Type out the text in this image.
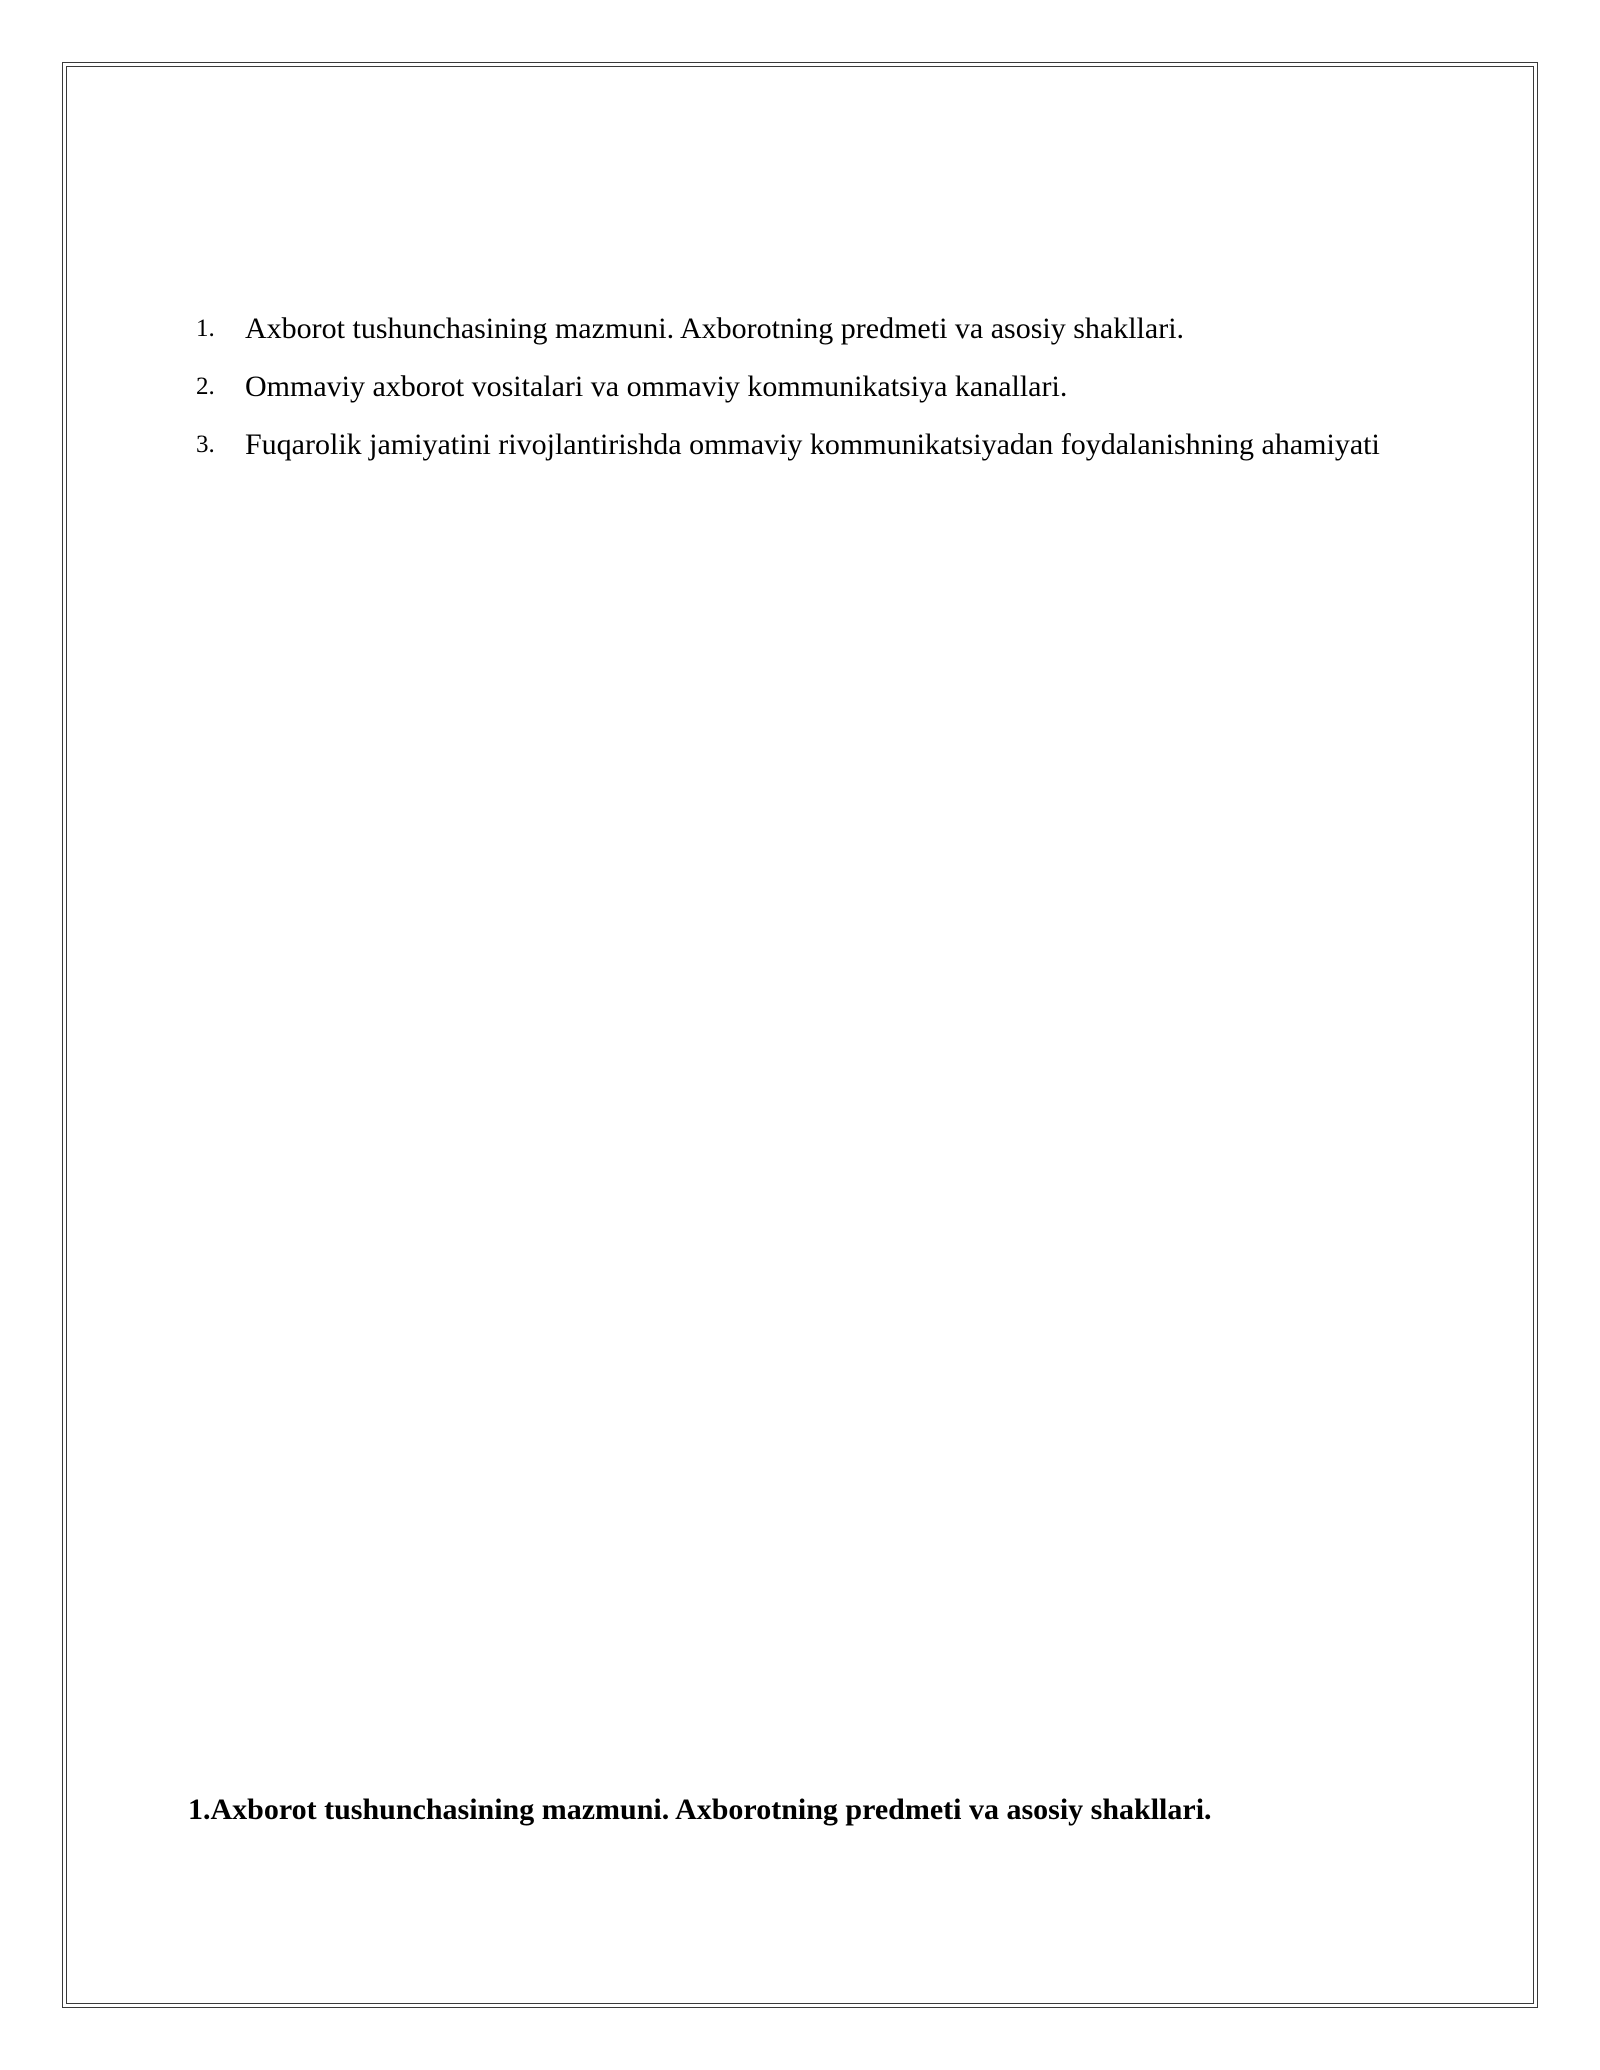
1. Axborot tushunchasining mazmuni. Axborotning predmeti va asosiy shakllari.
2. Ommaviy axborot vositalari va ommaviy kommunikatsiya kanallari.
3. Fuqarolik jamiyatini rivojlantirishda ommaviy kommunikatsiyadan foydalanishning ahamiyati
1.Axborot tushunchasining mazmuni. Axborotning predmeti va asosiy shakllari.
